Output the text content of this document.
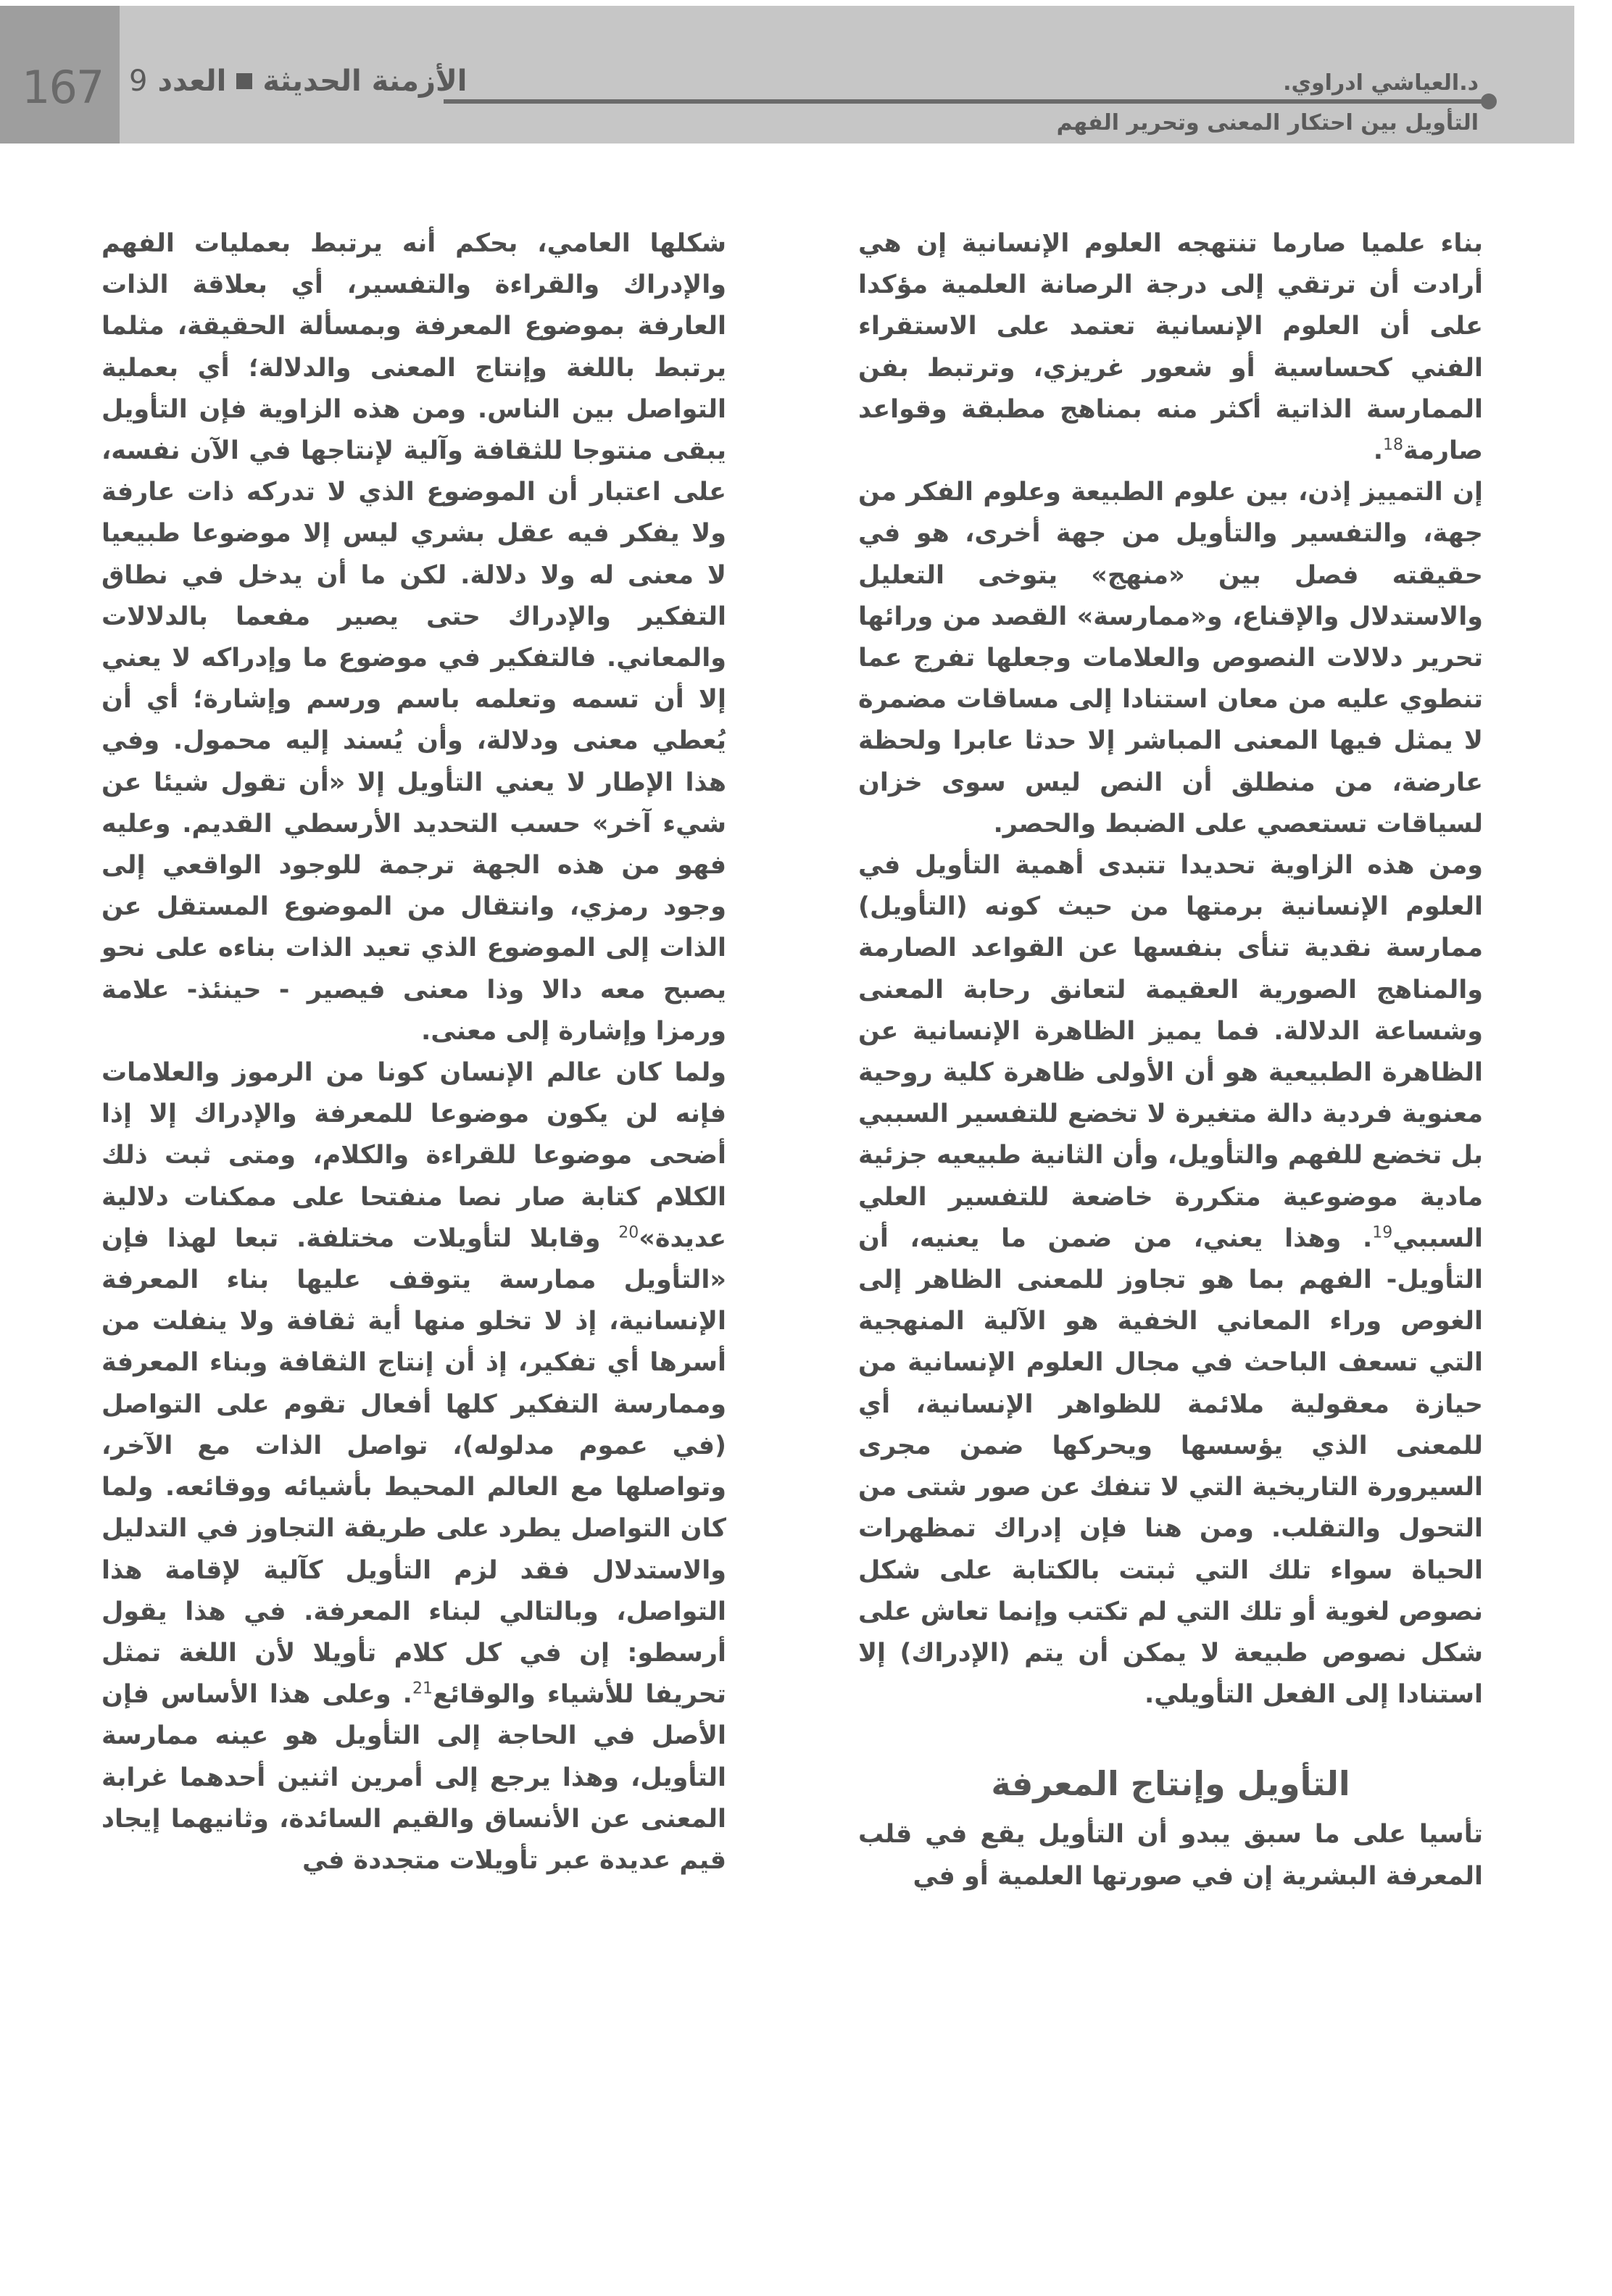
167	الأزمنة الحديثة
العدد
9	د.العياشي ادراوي.
التأويل بين احتكار المعنى وتحرير الفهم

بناء علميا صارما تنتهجه العلوم الإنسانية إن هي أرادت أن ترتقي إلى درجة الرصانة العلمية مؤكدا على أن العلوم الإنسانية تعتمد على الاستقراء الفني كحساسية أو شعور غريزي، وترتبط بفن الممارسة الذاتية أكثر منه بمناهج مطبقة وقواعد صارمة$^{18}$.

إن التمييز إذن، بين علوم الطبيعة وعلوم الفكر من جهة، والتفسير والتأويل من جهة أخرى، هو في حقيقته فصل بين «منهج» يتوخى التعليل والاستدلال والإقناع، و«ممارسة» القصد من ورائها تحرير دلالات النصوص والعلامات وجعلها تفرج عما تنطوي عليه من معان استنادا إلى مساقات مضمرة لا يمثل فيها المعنى المباشر إلا حدثا عابرا ولحظة عارضة، من منطلق أن النص ليس سوى خزان لسياقات تستعصي على الضبط والحصر.

ومن هذه الزاوية تحديدا تتبدى أهمية التأويل في العلوم الإنسانية برمتها من حيث كونه (التأويل) ممارسة نقدية تنأى بنفسها عن القواعد الصارمة والمناهج الصورية العقيمة لتعانق رحابة المعنى وشساعة الدلالة. فما يميز الظاهرة الإنسانية عن الظاهرة الطبيعية هو أن الأولى ظاهرة كلية روحية معنوية فردية دالة متغيرة لا تخضع للتفسير السببي بل تخضع للفهم والتأويل، وأن الثانية طبيعيه جزئية مادية موضوعية متكررة خاضعة للتفسير العلي السببي$^{19}$. وهذا يعني، من ضمن ما يعنيه، أن التأويل- الفهم بما هو تجاوز للمعنى الظاهر إلى الغوص وراء المعاني الخفية هو الآلية المنهجية التي تسعف الباحث في مجال العلوم الإنسانية من حيازة معقولية ملائمة للظواهر الإنسانية، أي للمعنى الذي يؤسسها ويحركها ضمن مجرى السيرورة التاريخية التي لا تنفك عن صور شتى من التحول والتقلب. ومن هنا فإن إدراك تمظهرات الحياة سواء تلك التي ثبتت بالكتابة على شكل نصوص لغوية أو تلك التي لم تكتب وإنما تعاش على شكل نصوص طبيعة لا يمكن أن يتم (الإدراك) إلا استنادا إلى الفعل التأويلي.

التأويل وإنتاج المعرفة

تأسيا على ما سبق يبدو أن التأويل يقع في قلب المعرفة البشرية إن في صورتها العلمية أو في

شكلها العامي، بحكم أنه يرتبط بعمليات الفهم والإدراك والقراءة والتفسير، أي بعلاقة الذات العارفة بموضوع المعرفة وبمسألة الحقيقة، مثلما يرتبط باللغة وإنتاج المعنى والدلالة؛ أي بعملية التواصل بين الناس. ومن هذه الزاوية فإن التأويل يبقى منتوجا للثقافة وآلية لإنتاجها في الآن نفسه، على اعتبار أن الموضوع الذي لا تدركه ذات عارفة ولا يفكر فيه عقل بشري ليس إلا موضوعا طبيعيا لا معنى له ولا دلالة. لكن ما أن يدخل في نطاق التفكير والإدراك حتى يصير مفعما بالدلالات والمعاني. فالتفكير في موضوع ما وإدراكه لا يعني إلا أن تسمه وتعلمه باسم ورسم وإشارة؛ أي أن يُعطي معنى ودلالة، وأن يُسند إليه محمول. وفي هذا الإطار لا يعني التأويل إلا «أن تقول شيئا عن شيء آخر» حسب التحديد الأرسطي القديم. وعليه فهو من هذه الجهة ترجمة للوجود الواقعي إلى وجود رمزي، وانتقال من الموضوع المستقل عن الذات إلى الموضوع الذي تعيد الذات بناءه على نحو يصبح معه دالا وذا معنى فيصير - حينئذ- علامة ورمزا وإشارة إلى معنى.

ولما كان عالم الإنسان كونا من الرموز والعلامات فإنه لن يكون موضوعا للمعرفة والإدراك إلا إذا أضحى موضوعا للقراءة والكلام، ومتى ثبت ذلك الكلام كتابة صار نصا منفتحا على ممكنات دلالية عديدة»$^{20}$ وقابلا لتأويلات مختلفة. تبعا لهذا فإن «التأويل ممارسة يتوقف عليها بناء المعرفة الإنسانية، إذ لا تخلو منها أية ثقافة ولا ينفلت من أسرها أي تفكير، إذ أن إنتاج الثقافة وبناء المعرفة وممارسة التفكير كلها أفعال تقوم على التواصل (في عموم مدلوله)، تواصل الذات مع الآخر، وتواصلها مع العالم المحيط بأشيائه ووقائعه. ولما كان التواصل يطرد على طريقة التجاوز في التدليل والاستدلال فقد لزم التأويل كآلية لإقامة هذا التواصل، وبالتالي لبناء المعرفة. في هذا يقول أرسطو: إن في كل كلام تأويلا لأن اللغة تمثل تحريفا للأشياء والوقائع$^{21}$. وعلى هذا الأساس فإن الأصل في الحاجة إلى التأويل هو عينه ممارسة التأويل، وهذا يرجع إلى أمرين اثنين أحدهما غرابة المعنى عن الأنساق والقيم السائدة، وثانيهما إيجاد قيم عديدة عبر تأويلات متجددة في
